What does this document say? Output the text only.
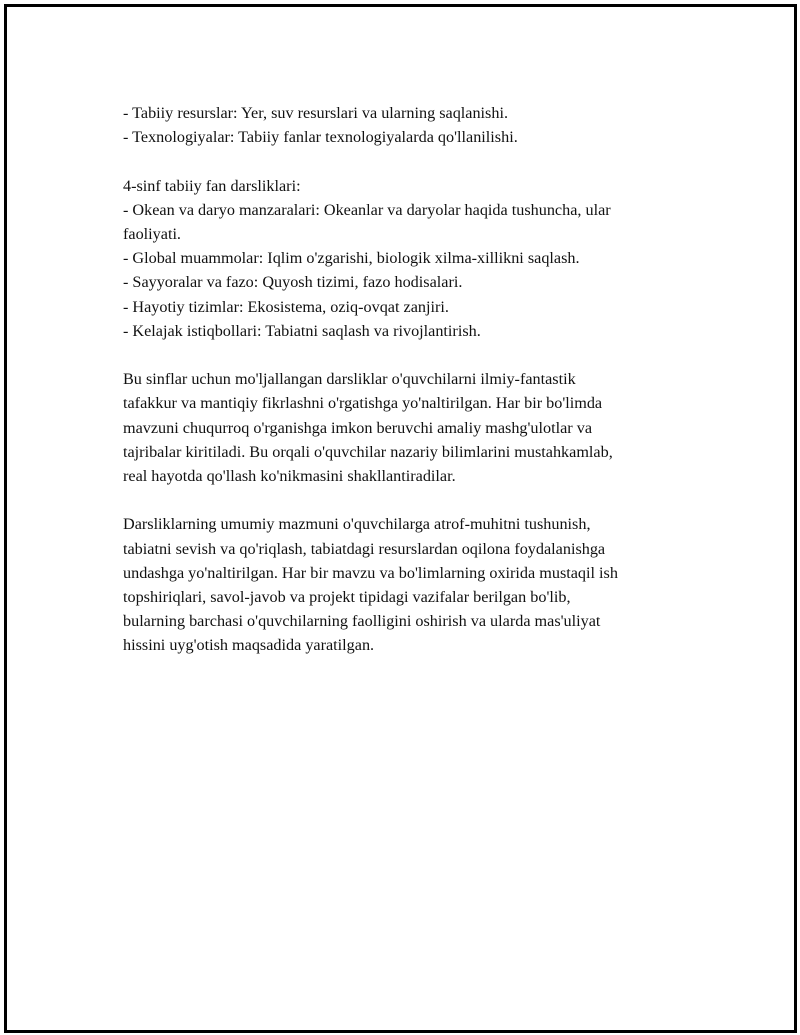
- Tabiiy resurslar: Yer, suv resurslari va ularning saqlanishi.
- Texnologiyalar: Tabiiy fanlar texnologiyalarda qo'llanilishi.
4-sinf tabiiy fan darsliklari:
- Okean va daryo manzaralari: Okeanlar va daryolar haqida tushuncha, ular
faoliyati.
- Global muammolar: Iqlim o'zgarishi, biologik xilma-xillikni saqlash.
- Sayyoralar va fazo: Quyosh tizimi, fazo hodisalari.
- Hayotiy tizimlar: Ekosistema, oziq-ovqat zanjiri.
- Kelajak istiqbollari: Tabiatni saqlash va rivojlantirish.
Bu sinflar uchun mo'ljallangan darsliklar o'quvchilarni ilmiy-fantastik
tafakkur va mantiqiy fikrlashni o'rgatishga yo'naltirilgan. Har bir bo'limda
mavzuni chuqurroq o'rganishga imkon beruvchi amaliy mashg'ulotlar va
tajribalar kiritiladi. Bu orqali o'quvchilar nazariy bilimlarini mustahkamlab,
real hayotda qo'llash ko'nikmasini shakllantiradilar.
Darsliklarning umumiy mazmuni o'quvchilarga atrof-muhitni tushunish,
tabiatni sevish va qo'riqlash, tabiatdagi resurslardan oqilona foydalanishga
undashga yo'naltirilgan. Har bir mavzu va bo'limlarning oxirida mustaqil ish
topshiriqlari, savol-javob va projekt tipidagi vazifalar berilgan bo'lib,
bularning barchasi o'quvchilarning faolligini oshirish va ularda mas'uliyat
hissini uyg'otish maqsadida yaratilgan.
